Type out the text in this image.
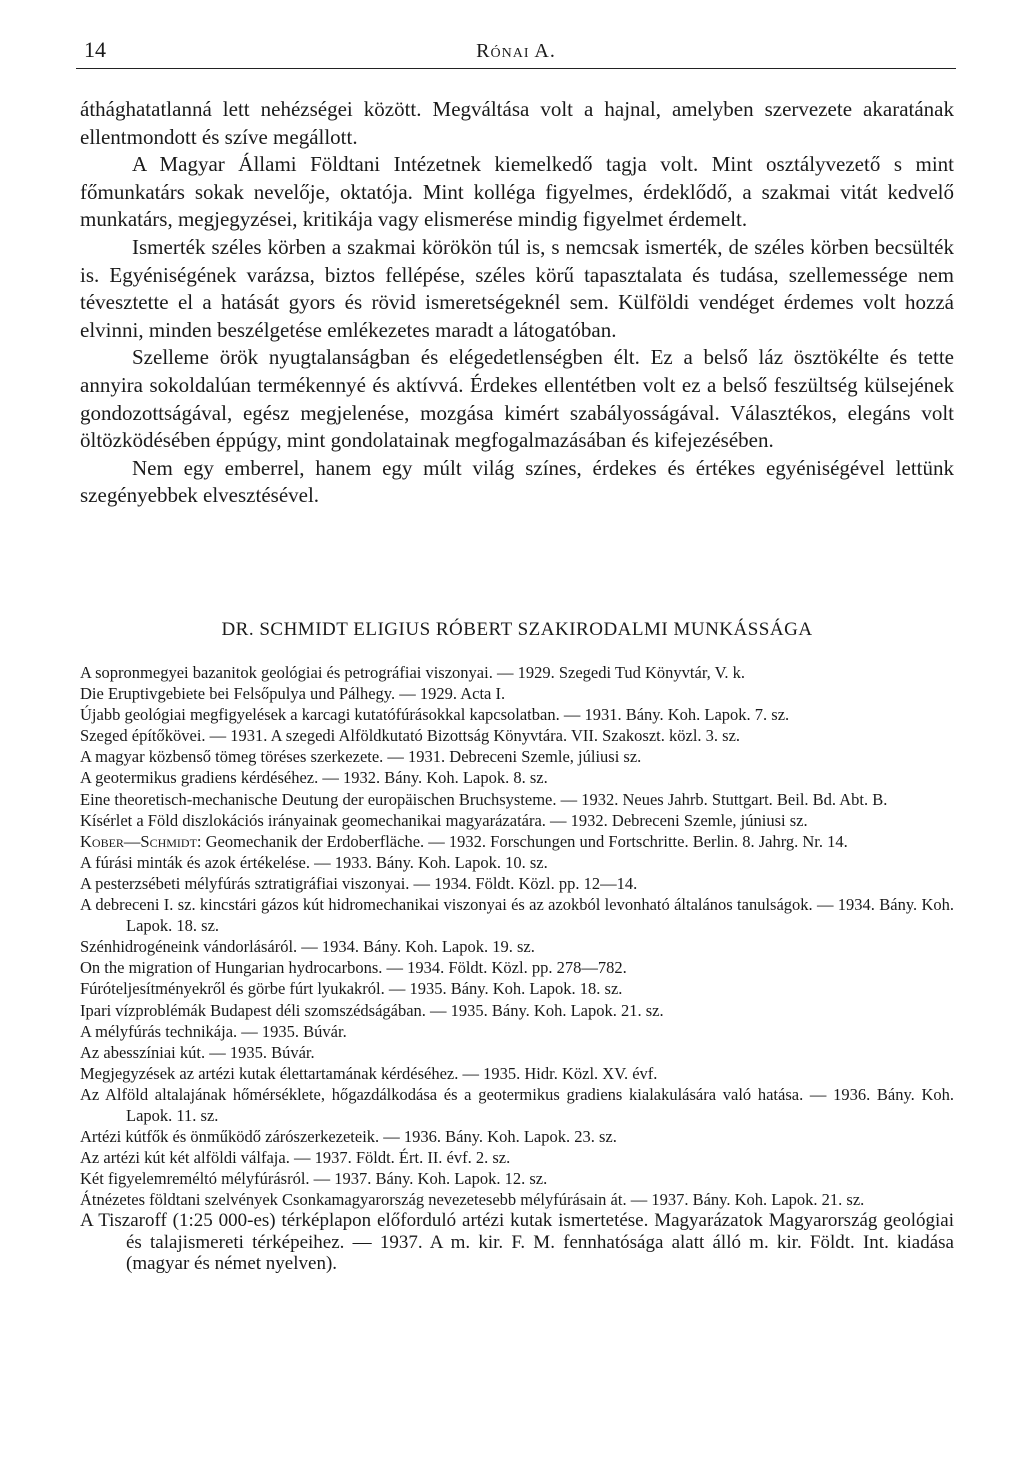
14	Rónai A.

áthághatatlanná lett nehézségei között. Megváltása volt a hajnal, amelyben szervezete akaratának ellentmondott és szíve megállott.

A Magyar Állami Földtani Intézetnek kiemelkedő tagja volt. Mint osztályvezető s mint főmunkatárs sokak nevelője, oktatója. Mint kolléga figyelmes, érdeklődő, a szakmai vitát kedvelő munkatárs, megjegyzései, kritikája vagy elismerése mindig figyelmet érdemelt.

Ismerték széles körben a szakmai körökön túl is, s nemcsak ismerték, de széles körben becsülték is. Egyéniségének varázsa, biztos fellépése, széles körű tapasztalata és tudása, szellemessége nem tévesztette el a hatását gyors és rövid ismeretségeknél sem. Külföldi vendéget érdemes volt hozzá elvinni, minden beszélgetése emlékezetes maradt a látogatóban.

Szelleme örök nyugtalanságban és elégedetlenségben élt. Ez a belső láz ösztökélte és tette annyira sokoldalúan termékennyé és aktívvá. Érdekes ellentétben volt ez a belső feszültség külsejének gondozottságával, egész megjelenése, mozgása kimért szabályosságával. Választékos, elegáns volt öltözködésében éppúgy, mint gondolatainak megfogalmazásában és kifejezésében.

Nem egy emberrel, hanem egy múlt világ színes, érdekes és értékes egyéniségével lettünk szegényebbek elvesztésével.

DR. SCHMIDT ELIGIUS RÓBERT SZAKIRODALMI MUNKÁSSÁGA

A sopronmegyei bazanitok geológiai és petrográfiai viszonyai. — 1929. Szegedi Tud Könyvtár, V. k.

Die Eruptivgebiete bei Felsőpulya und Pálhegy. — 1929. Acta I.

Újabb geológiai megfigyelések a karcagi kutatófúrásokkal kapcsolatban. — 1931. Bány. Koh. Lapok. 7. sz.

Szeged építőkövei. — 1931. A szegedi Alföldkutató Bizottság Könyvtára. VII. Szakoszt. közl. 3. sz.

A magyar közbenső tömeg töréses szerkezete. — 1931. Debreceni Szemle, júliusi sz.

A geotermikus gradiens kérdéséhez. — 1932. Bány. Koh. Lapok. 8. sz.

Eine theoretisch-mechanische Deutung der europäischen Bruchsysteme. — 1932. Neues Jahrb. Stuttgart. Beil. Bd. Abt. B.

Kísérlet a Föld diszlokációs irányainak geomechanikai magyarázatára. — 1932. Debreceni Szemle, júniusi sz.

Kober—Schmidt: Geomechanik der Erdoberfläche. — 1932. Forschungen und Fortschritte. Berlin. 8. Jahrg. Nr. 14.

A fúrási minták és azok értékelése. — 1933. Bány. Koh. Lapok. 10. sz.

A pesterzsébeti mélyfúrás sztratigráfiai viszonyai. — 1934. Földt. Közl. pp. 12—14.

A debreceni I. sz. kincstári gázos kút hidromechanikai viszonyai és az azokból levonható általános tanulságok. — 1934. Bány. Koh. Lapok. 18. sz.

Szénhidrogéneink vándorlásáról. — 1934. Bány. Koh. Lapok. 19. sz.

On the migration of Hungarian hydrocarbons. — 1934. Földt. Közl. pp. 278—782.

Fúróteljesítményekről és görbe fúrt lyukakról. — 1935. Bány. Koh. Lapok. 18. sz.

Ipari vízproblémák Budapest déli szomszédságában. — 1935. Bány. Koh. Lapok. 21. sz.

A mélyfúrás technikája. — 1935. Búvár.

Az abesszíniai kút. — 1935. Búvár.

Megjegyzések az artézi kutak élettartamának kérdéséhez. — 1935. Hidr. Közl. XV. évf.

Az Alföld altalajának hőmérséklete, hőgazdálkodása és a geotermikus gradiens kialakulására való hatása. — 1936. Bány. Koh. Lapok. 11. sz.

Artézi kútfők és önműködő zárószerkezeteik. — 1936. Bány. Koh. Lapok. 23. sz.

Az artézi kút két alföldi válfaja. — 1937. Földt. Ért. II. évf. 2. sz.

Két figyelemreméltó mélyfúrásról. — 1937. Bány. Koh. Lapok. 12. sz.

Átnézetes földtani szelvények Csonkamagyarország nevezetesebb mélyfúrásain át. — 1937. Bány. Koh. Lapok. 21. sz.

A Tiszaroff (1:25 000-es) térképlapon előforduló artézi kutak ismertetése. Magyarázatok Magyarország geológiai és talajismereti térképeihez. — 1937. A m. kir. F. M. fennhatósága alatt álló m. kir. Földt. Int. kiadása (magyar és német nyelven).
